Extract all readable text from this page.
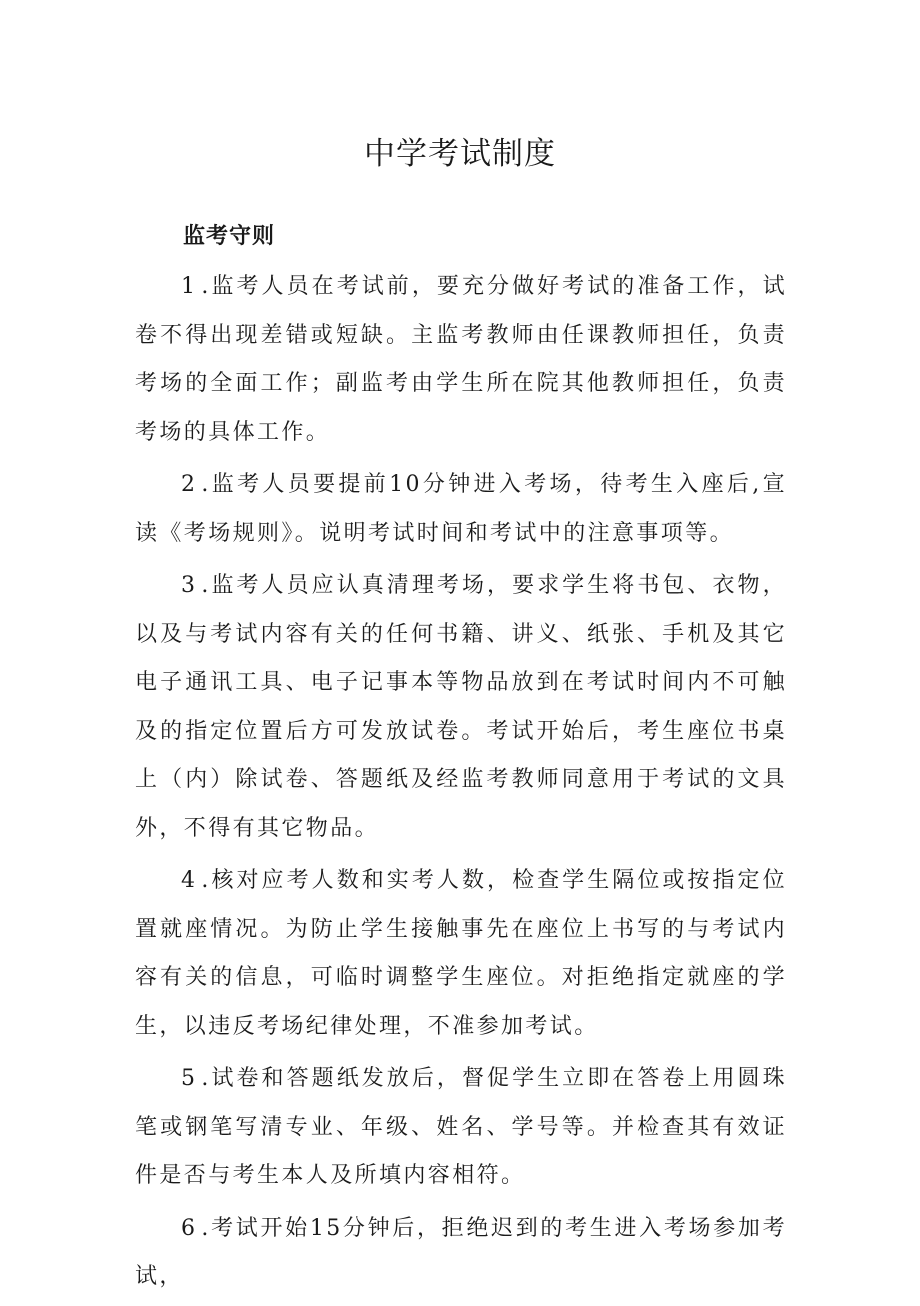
中学考试制度
监考守则

1 .监考人员在考试前，要充分做好考试的准备工作，试卷不得出现差错或短缺。主监考教师由任课教师担任，负责考场的全面工作；副监考由学生所在院其他教师担任，负责考场的具体工作。

2 .监考人员要提前10分钟进入考场，待考生入座后,宣读《考场规则》。说明考试时间和考试中的注意事项等。

3 .监考人员应认真清理考场，要求学生将书包、衣物，以及与考试内容有关的任何书籍、讲义、纸张、手机及其它电子通讯工具、电子记事本等物品放到在考试时间内不可触及的指定位置后方可发放试卷。考试开始后，考生座位书桌上（内）除试卷、答题纸及经监考教师同意用于考试的文具外，不得有其它物品。

4 .核对应考人数和实考人数，检查学生隔位或按指定位置就座情况。为防止学生接触事先在座位上书写的与考试内容有关的信息，可临时调整学生座位。对拒绝指定就座的学生，以违反考场纪律处理，不准参加考试。

5 .试卷和答题纸发放后，督促学生立即在答卷上用圆珠笔或钢笔写清专业、年级、姓名、学号等。并检查其有效证件是否与考生本人及所填内容相符。

6 .考试开始15分钟后，拒绝迟到的考生进入考场参加考试，
